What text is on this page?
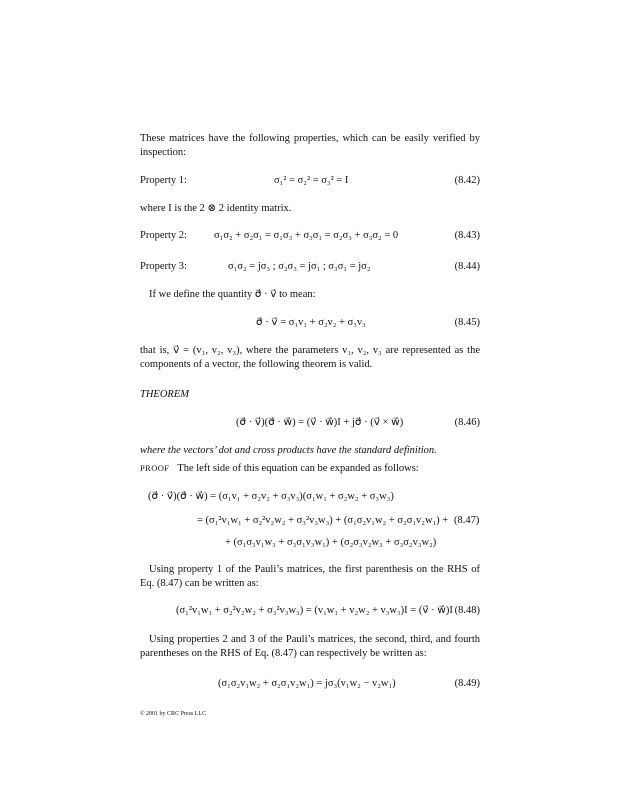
These matrices have the following properties, which can be easily verified by inspection:

Property 1:	σ₁² = σ₂² = σ₃² = I	(8.42)

where I is the 2 ⊗ 2 identity matrix.

Property 2:	σ₁σ₂ + σ₂σ₁ = σ₁σ₃ + σ₃σ₁ = σ₂σ₃ + σ₃σ₂ = 0	(8.43)
Property 3:	σ₁σ₂ = jσ₃ ; σ₂σ₃ = jσ₁ ; σ₃σ₁ = jσ₂	(8.44)

If we define the quantity σ⃗ · v⃗ to mean:

σ⃗ · v⃗ = σ₁v₁ + σ₂v₂ + σ₃v₃	(8.45)

that is, v⃗ = (v₁, v₂, v₃), where the parameters v₁, v₂, v₃ are represented as the components of a vector, the following theorem is valid.

THEOREM

(σ⃗ · v⃗)(σ⃗ · w⃗) = (v⃗ · w⃗)I + jσ⃗ · (v⃗ × w⃗)	(8.46)

where the vectors’ dot and cross products have the standard definition.

PROOF The left side of this equation can be expanded as follows:

(σ⃗ · v⃗)(σ⃗ · w⃗) = (σ₁v₁ + σ₂v₂ + σ₃v₃)(σ₁w₁ + σ₂w₂ + σ₃w₃)
= (σ₁²v₁w₁ + σ₂²v₂w₂ + σ₃²v₃w₃) + (σ₁σ₂v₁w₂ + σ₂σ₁v₂w₁) + (8.47)
+ (σ₁σ₃v₁w₃ + σ₃σ₁v₃w₁) + (σ₂σ₃v₂w₃ + σ₃σ₂v₃w₂)

Using property 1 of the Pauli’s matrices, the first parenthesis on the RHS of Eq. (8.47) can be written as:

(σ₁²v₁w₁ + σ₂²v₂w₂ + σ₃²v₃w₃) = (v₁w₁ + v₂w₂ + v₃w₃)I = (v⃗ · w⃗)I (8.48)

Using properties 2 and 3 of the Pauli’s matrices, the second, third, and fourth parentheses on the RHS of Eq. (8.47) can respectively be written as:

(σ₁σ₂v₁w₂ + σ₂σ₁v₂w₁) = jσ₃(v₁w₂ − v₂w₁)	(8.49)
© 2001 by CRC Press LLC
